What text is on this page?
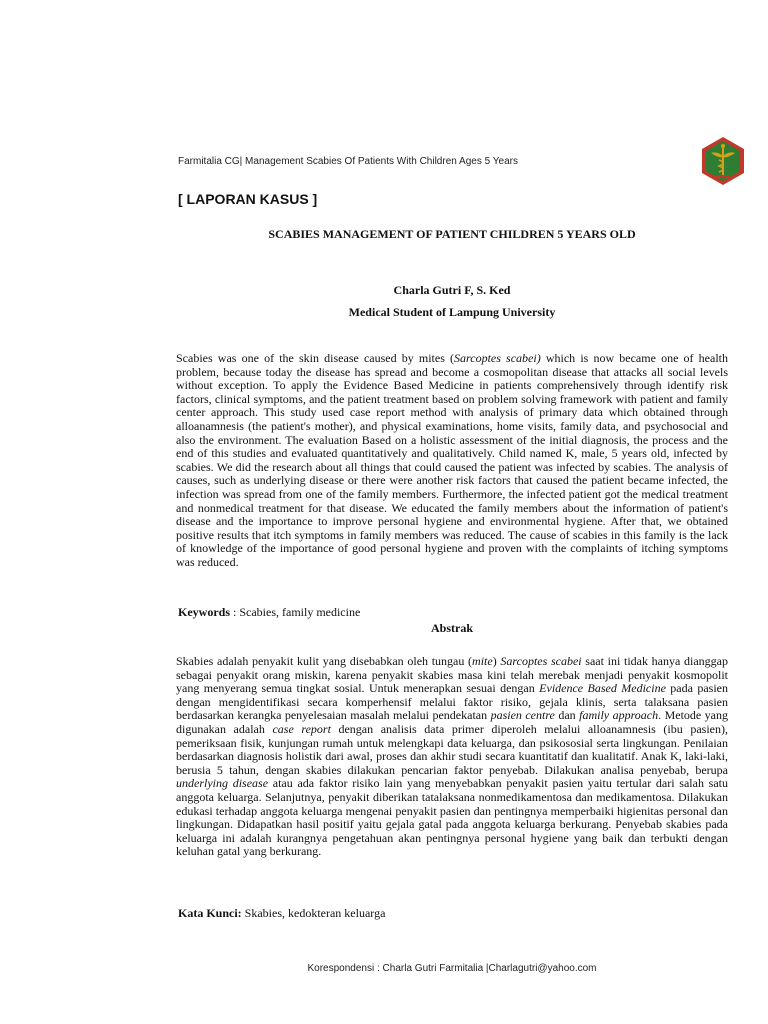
Farmitalia CG| Management Scabies Of Patients With Children Ages 5 Years
[ LAPORAN KASUS ]
SCABIES MANAGEMENT OF PATIENT CHILDREN 5 YEARS OLD
Charla Gutri F, S. Ked
Medical Student of Lampung University
Scabies was one of the skin disease caused by mites (Sarcoptes scabei) which is now became one of health problem, because today the disease has spread and become a cosmopolitan disease that attacks all social levels without exception. To apply the Evidence Based Medicine in patients comprehensively through identify risk factors, clinical symptoms, and the patient treatment based on problem solving framework with patient and family center approach. This study used case report method with analysis of primary data which obtained through alloanamnesis (the patient's mother), and physical examinations, home visits, family data, and psychosocial and also the environment. The evaluation Based on a holistic assessment of the initial diagnosis, the process and the end of this studies and evaluated quantitatively and qualitatively. Child named K, male, 5 years old, infected by scabies. We did the research about all things that could caused the patient was infected by scabies. The analysis of causes, such as underlying disease or there were another risk factors that caused the patient became infected, the infection was spread from one of the family members. Furthermore, the infected patient got the medical treatment and nonmedical treatment for that disease. We educated the family members about the information of patient's disease and the importance to improve personal hygiene and environmental hygiene. After that, we obtained positive results that itch symptoms in family members was reduced. The cause of scabies in this family is the lack of knowledge of the importance of good personal hygiene and proven with the complaints of itching symptoms was reduced.
Keywords : Scabies, family medicine
Abstrak
Skabies adalah penyakit kulit yang disebabkan oleh tungau (mite) Sarcoptes scabei saat ini tidak hanya dianggap sebagai penyakit orang miskin, karena penyakit skabies masa kini telah merebak menjadi penyakit kosmopolit yang menyerang semua tingkat sosial. Untuk menerapkan sesuai dengan Evidence Based Medicine pada pasien dengan mengidentifikasi secara komperhensif melalui faktor risiko, gejala klinis, serta talaksana pasien berdasarkan kerangka penyelesaian masalah melalui pendekatan pasien centre dan family approach. Metode yang digunakan adalah case report dengan analisis data primer diperoleh melalui alloanamnesis (ibu pasien), pemeriksaan fisik, kunjungan rumah untuk melengkapi data keluarga, dan psikososial serta lingkungan. Penilaian berdasarkan diagnosis holistik dari awal, proses dan akhir studi secara kuantitatif dan kualitatif. Anak K, laki-laki, berusia 5 tahun, dengan skabies dilakukan pencarian faktor penyebab. Dilakukan analisa penyebab, berupa underlying disease atau ada faktor risiko lain yang menyebabkan penyakit pasien yaitu tertular dari salah satu anggota keluarga. Selanjutnya, penyakit diberikan tatalaksana nonmedikamentosa dan medikamentosa. Dilakukan edukasi terhadap anggota keluarga mengenai penyakit pasien dan pentingnya memperbaiki higienitas personal dan lingkungan. Didapatkan hasil positif yaitu gejala gatal pada anggota keluarga berkurang. Penyebab skabies pada keluarga ini adalah kurangnya pengetahuan akan pentingnya personal hygiene yang baik dan terbukti dengan keluhan gatal yang berkurang.
Kata Kunci: Skabies, kedokteran keluarga
Korespondensi : Charla Gutri Farmitalia |Charlagutri@yahoo.com
